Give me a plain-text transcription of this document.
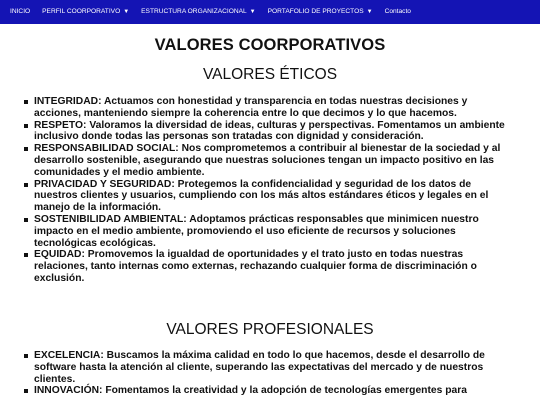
INICIO	PERFIL COORPORATIVO ▼	ESTRUCTURA ORGANIZACIONAL ▼	PORTAFOLIO DE PROYECTOS ▼	Contacto
VALORES COORPORATIVOS
VALORES ÉTICOS
INTEGRIDAD: Actuamos con honestidad y transparencia en todas nuestras decisiones y acciones, manteniendo siempre la coherencia entre lo que decimos y lo que hacemos.
RESPETO: Valoramos la diversidad de ideas, culturas y perspectivas. Fomentamos un ambiente inclusivo donde todas las personas son tratadas con dignidad y consideración.
RESPONSABILIDAD SOCIAL: Nos comprometemos a contribuir al bienestar de la sociedad y al desarrollo sostenible, asegurando que nuestras soluciones tengan un impacto positivo en las comunidades y el medio ambiente.
PRIVACIDAD Y SEGURIDAD: Protegemos la confidencialidad y seguridad de los datos de nuestros clientes y usuarios, cumpliendo con los más altos estándares éticos y legales en el manejo de la información.
SOSTENIBILIDAD AMBIENTAL: Adoptamos prácticas responsables que minimicen nuestro impacto en el medio ambiente, promoviendo el uso eficiente de recursos y soluciones tecnológicas ecológicas.
EQUIDAD: Promovemos la igualdad de oportunidades y el trato justo en todas nuestras relaciones, tanto internas como externas, rechazando cualquier forma de discriminación o exclusión.
VALORES PROFESIONALES
EXCELENCIA: Buscamos la máxima calidad en todo lo que hacemos, desde el desarrollo de software hasta la atención al cliente, superando las expectativas del mercado y de nuestros clientes.
INNOVACIÓN: Fomentamos la creatividad y la adopción de tecnologías emergentes para
